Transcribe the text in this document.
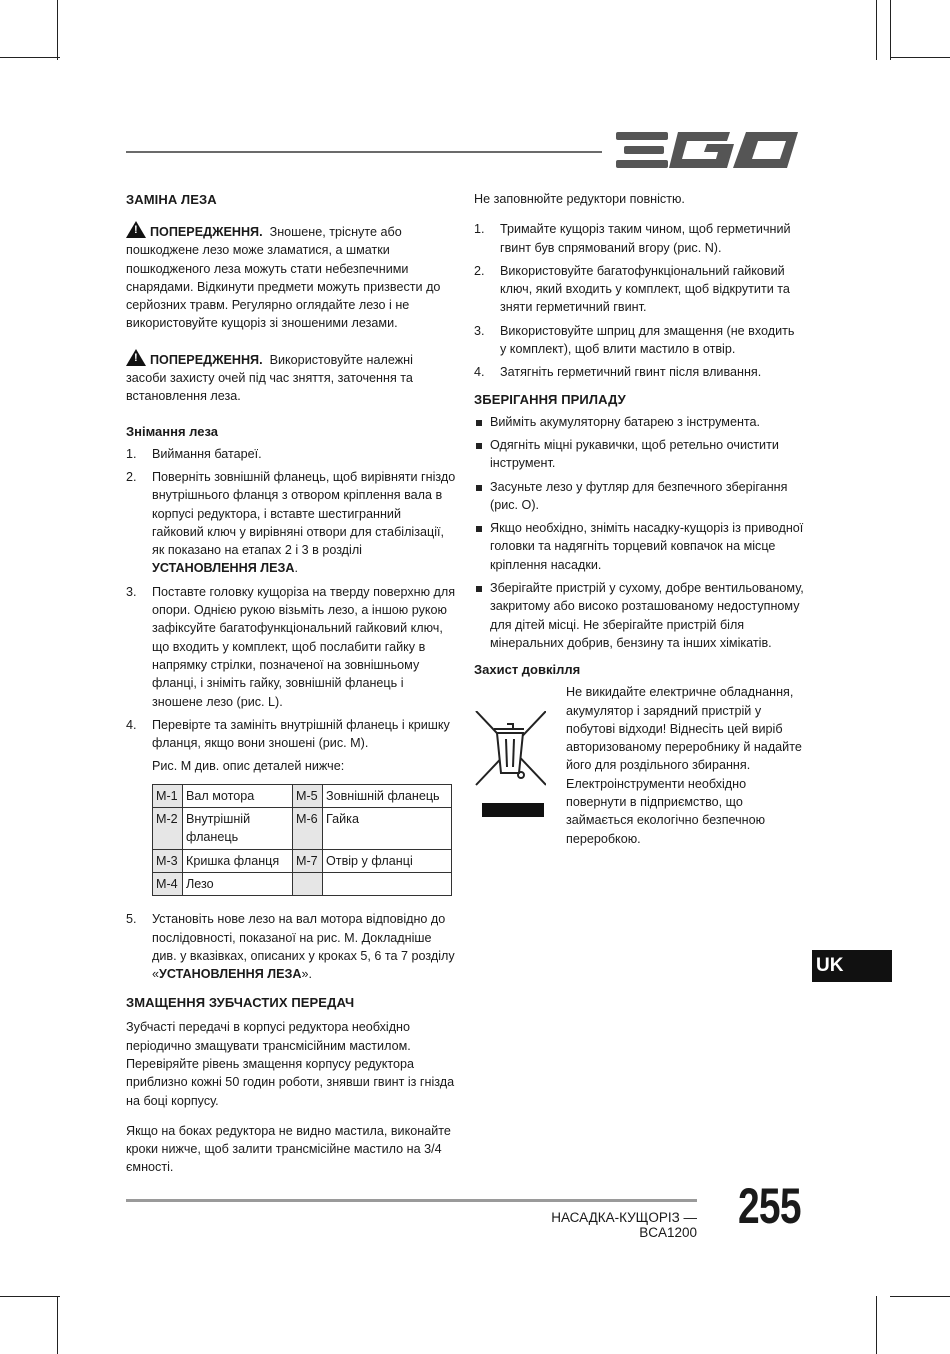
ЗАМІНА ЛЕЗА

!ПОПЕРЕДЖЕННЯ. Зношене, тріснуте або пошкоджене лезо може зламатися, а шматки пошкодженого леза можуть стати небезпечними снарядами. Відкинути предмети можуть призвести до серйозних травм. Регулярно оглядайте лезо і не використовуйте кущоріз зі зношеними лезами.

!ПОПЕРЕДЖЕННЯ. Використовуйте належні засоби захисту очей під час зняття, заточення та встановлення леза.

Знімання леза
1. Виймання батареї.
2. Поверніть зовнішній фланець, щоб вирівняти гніздо внутрішнього фланця з отвором кріплення вала в корпусі редуктора, і вставте шестигранний гайковий ключ у вирівняні отвори для стабілізації, як показано на етапах 2 і 3 в розділі УСТАНОВЛЕННЯ ЛЕЗА.
3. Поставте головку кущоріза на тверду поверхню для опори. Однією рукою візьміть лезо, а іншою рукою зафіксуйте багатофункціональний гайковий ключ, що входить у комплект, щоб послабити гайку в напрямку стрілки, позначеної на зовнішньому фланці, і зніміть гайку, зовнішній фланець і зношене лезо (рис. L).
4. Перевірте та замініть внутрішній фланець і кришку фланця, якщо вони зношені (рис. M).
Рис. M див. опис деталей нижче:
M-1	Вал мотора	M-5	Зовнішній фланець
M-2	Внутрішній фланець	M-6	Гайка
M-3	Кришка фланця	M-7	Отвір у фланці
M-4	Лезо		
5. Установіть нове лезо на вал мотора відповідно до послідовності, показаної на рис. M. Докладніше див. у вказівках, описаних у кроках 5, 6 та 7 розділу «УСТАНОВЛЕННЯ ЛЕЗА».
ЗМАЩЕННЯ ЗУБЧАСТИХ ПЕРЕДАЧ

Зубчасті передачі в корпусі редуктора необхідно періодично змащувати трансмісійним мастилом. Перевіряйте рівень змащення корпусу редуктора приблизно кожні 50 годин роботи, знявши гвинт із гнізда на боці корпусу.

Якщо на боках редуктора не видно мастила, виконайте кроки нижче, щоб залити трансмісійне мастило на 3/4 ємності.

Не заповнюйте редуктори повністю.

1. Тримайте кущоріз таким чином, щоб герметичний гвинт був спрямований вгору (рис. N).
2. Використовуйте багатофункціональний гайковий ключ, який входить у комплект, щоб відкрутити та зняти герметичний гвинт.
3. Використовуйте шприц для змащення (не входить у комплект), щоб влити мастило в отвір.
4. Затягніть герметичний гвинт після вливання.
ЗБЕРІГАННЯ ПРИЛАДУ
Вийміть акумуляторну батарею з інструмента.
Одягніть міцні рукавички, щоб ретельно очистити інструмент.
Засуньте лезо у футляр для безпечного зберігання (рис. O).
Якщо необхідно, зніміть насадку-кущоріз із приводної головки та надягніть торцевий ковпачок на місце кріплення насадки.
Зберігайте пристрій у сухому, добре вентильованому, закритому або високо розташованому недоступному для дітей місці. Не зберігайте пристрій біля мінеральних добрив, бензину та інших хімікатів.
Захист довкілля

Не викидайте електричне обладнання, акумулятор і зарядний пристрій у побутові відходи! Віднесіть цей виріб авторизованому переробнику й надайте його для роздільного збирання. Електроінструменти необхідно повернути в підприємство, що займається екологічно безпечною переробкою.

UK
НАСАДКА-КУЩОРІЗ — BCA1200 255
